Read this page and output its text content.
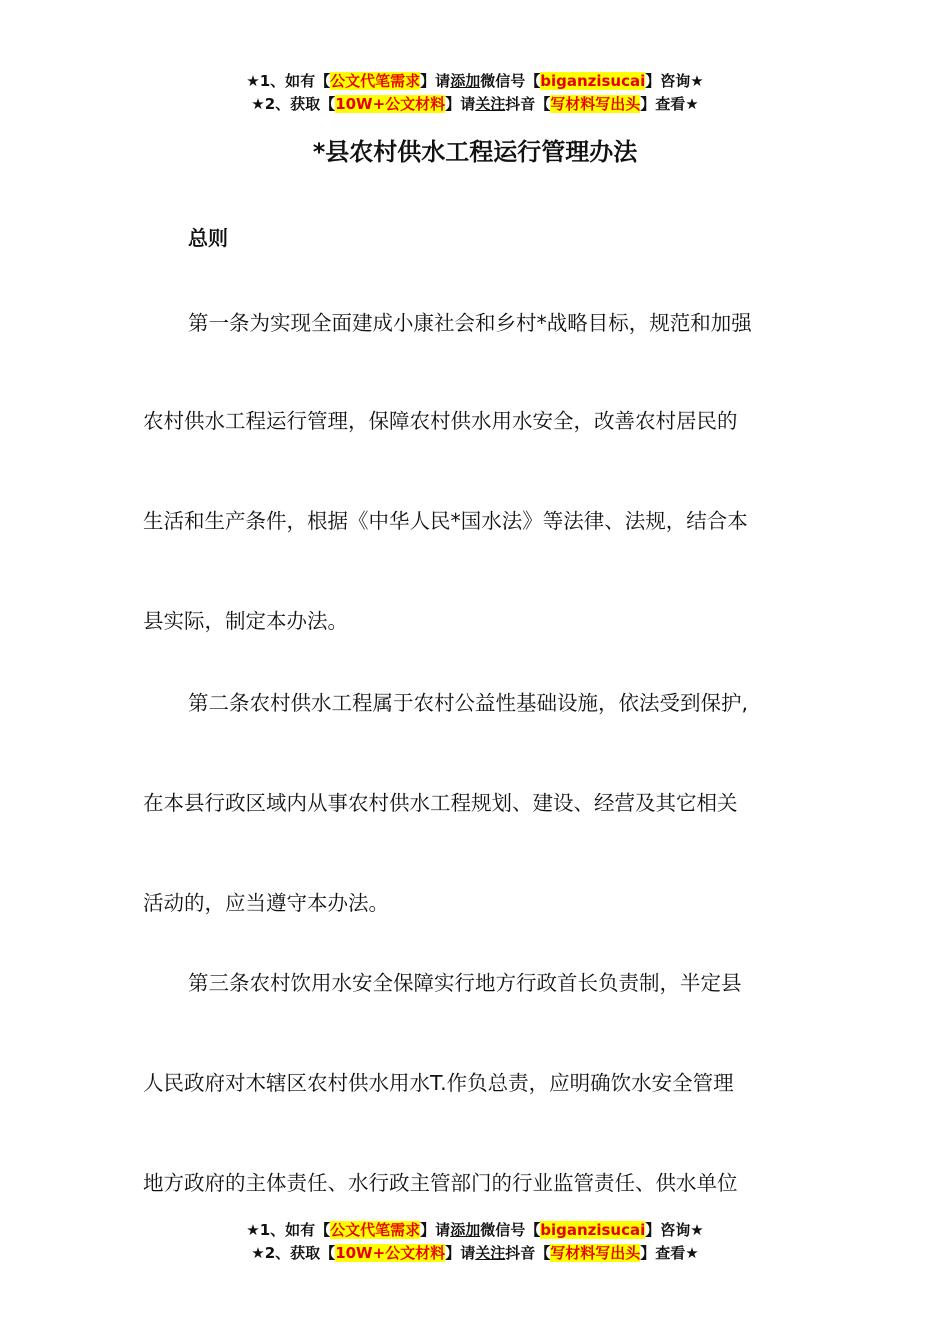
★1、如有【公文代笔需求】请添加微信号【biganzisucai】咨询★
★2、获取【10W+公文材料】请关注抖音【写材料写出头】查看★
*县农村供水工程运行管理办法
总则
第一条为实现全面建成小康社会和乡村*战略目标，规范和加强
农村供水工程运行管理，保障农村供水用水安全，改善农村居民的
生活和生产条件，根据《中华人民*国水法》等法律、法规，结合本
县实际，制定本办法。
第二条农村供水工程属于农村公益性基础设施，依法受到保护,
在本县行政区域内从事农村供水工程规划、建设、经营及其它相关
活动的，应当遵守本办法。
第三条农村饮用水安全保障实行地方行政首长负责制，半定县
人民政府对木辖区农村供水用水T.作负总责，应明确饮水安全管理
地方政府的主体责任、水行政主管部门的行业监管责任、供水单位
★1、如有【公文代笔需求】请添加微信号【biganzisucai】咨询★
★2、获取【10W+公文材料】请关注抖音【写材料写出头】查看★
